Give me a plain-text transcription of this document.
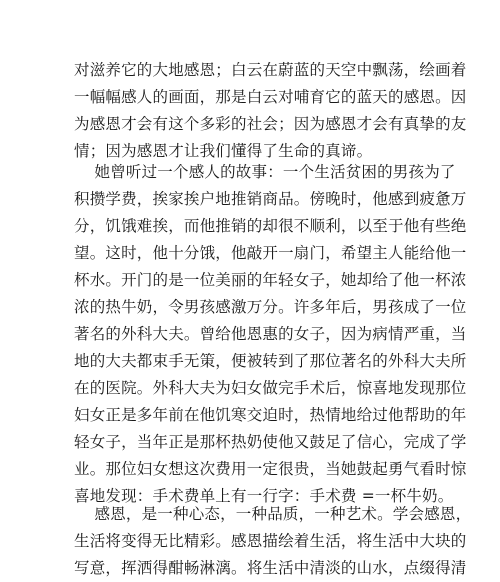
对滋养它的大地感恩；白云在蔚蓝的天空中飘荡，绘画着
一幅幅感人的画面，那是白云对哺育它的蓝天的感恩。因
为感恩才会有这个多彩的社会；因为感恩才会有真挚的友
情；因为感恩才让我们懂得了生命的真谛。
她曾听过一个感人的故事：一个生活贫困的男孩为了
积攒学费，挨家挨户地推销商品。傍晚时，他感到疲惫万
分，饥饿难挨，而他推销的却很不顺利，以至于他有些绝
望。这时，他十分饿，他敲开一扇门，希望主人能给他一
杯水。开门的是一位美丽的年轻女子，她却给了他一杯浓
浓的热牛奶，令男孩感激万分。许多年后，男孩成了一位
著名的外科大夫。曾给他恩惠的女子，因为病情严重，当
地的大夫都束手无策，便被转到了那位著名的外科大夫所
在的医院。外科大夫为妇女做完手术后，惊喜地发现那位
妇女正是多年前在他饥寒交迫时，热情地给过他帮助的年
轻女子，当年正是那杯热奶使他又鼓足了信心，完成了学
业。那位妇女想这次费用一定很贵，当她鼓起勇气看时惊
喜地发现：手术费单上有一行字：手术费 =一杯牛奶。
感恩，是一种心态，一种品质，一种艺术。学会感恩，
生活将变得无比精彩。感恩描绘着生活，将生活中大块的
写意，挥洒得酣畅淋漓。将生活中清淡的山水，点缀得清
